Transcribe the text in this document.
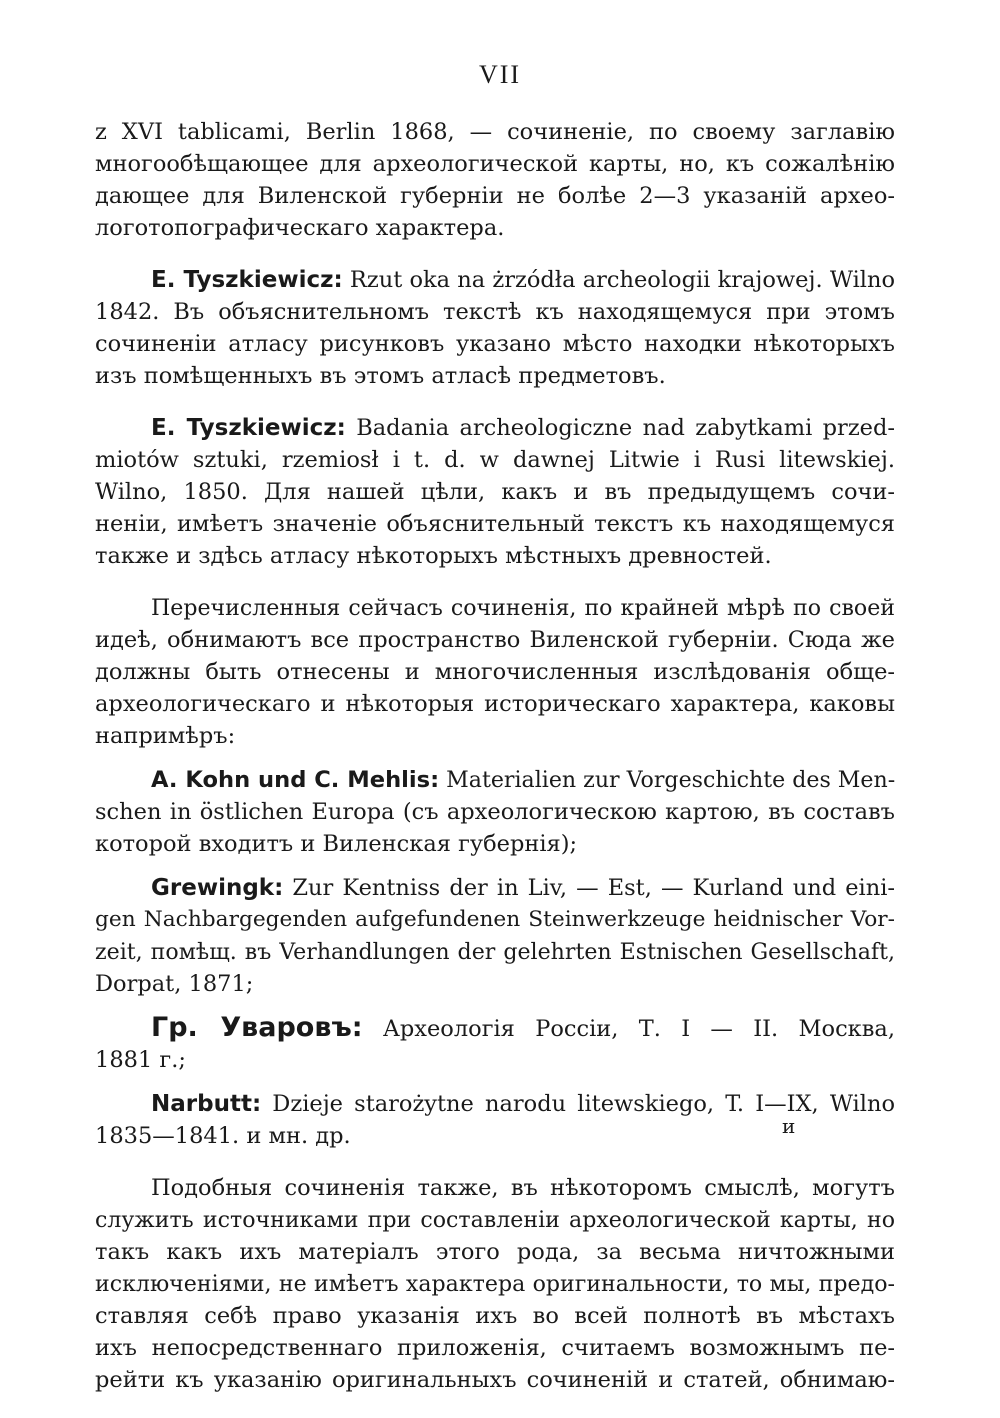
VII
z XVI tablicami, Berlin 1868, — сочиненіе, по своему заглавію
многообѣщающее для археологической карты, но, къ сожалѣнію
дающее для Виленской губерніи не болѣе 2—3 указаній архео-
логотопографическаго характера.
E. Tyszkiewicz: Rzut oka na żrzódła archeologii krajowej. Wilno
1842. Въ объяснительномъ текстѣ къ находящемуся при этомъ
сочиненіи атласу рисунковъ указано мѣсто находки нѣкоторыхъ
изъ помѣщенныхъ въ этомъ атласѣ предметовъ.
E. Tyszkiewicz: Badania archeologiczne nad zabytkami przed-
miotów sztuki, rzemiosł i t. d. w dawnej Litwie i Rusi litewskiej.
Wilno, 1850. Для нашей цѣли, какъ и въ предыдущемъ сочи-
неніи, имѣетъ значеніе объяснительный текстъ къ находящемуся
также и здѣсь атласу нѣкоторыхъ мѣстныхъ древностей.
Перечисленныя сейчасъ сочиненія, по крайней мѣрѣ по своей
идеѣ, обнимаютъ все пространство Виленской губерніи. Сюда же
должны быть отнесены и многочисленныя изслѣдованія обще-
археологическаго и нѣкоторыя историческаго характера, каковы
напримѣръ:
A. Kohn und C. Mehlis: Materialien zur Vorgeschichte des Men-
schen in östlichen Europa (съ археологическою картою, въ составъ
которой входитъ и Виленская губернія);
Grewingk: Zur Kentniss der in Liv, — Est, — Kurland und eini-
gen Nachbargegenden aufgefundenen Steinwerkzeuge heidnischer Vor-
zeit, помѣщ. въ Verhandlungen der gelehrten Estnischen Gesellschaft,
Dorpat, 1871;
Гр. Уваровъ: Археологія Россіи, Т. I — II. Москва,
1881 г.;
Narbutt: Dzieje starożytne narodu litewskiego, T. I—IX, Wilno
1835—1841. и мн. др.
Подобныя сочиненія также, въ нѣкоторомъ смыслѣ, могутъ
служить источниками при составленіи археологической карты, но
такъ какъ ихъ матеріалъ этого рода, за весьма ничтожными
исключеніями, не имѣетъ характера оригинальности, то мы, предо-
ставляя себѣ право указанія ихъ во всей полнотѣ въ мѣстахъ
ихъ непосредственнаго приложенія, считаемъ возможнымъ пе-
рейти къ указанію оригинальныхъ сочиненій и статей, обнимаю-
и
